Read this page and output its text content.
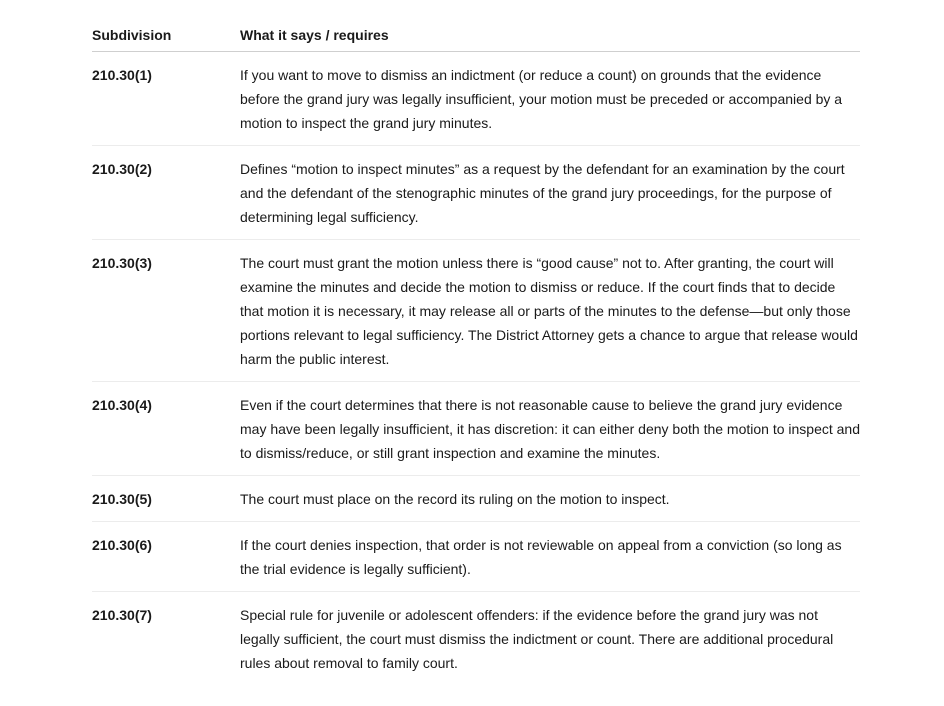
Subdivision	What it says / requires
210.30(1)	If you want to move to dismiss an indictment (or reduce a count) on grounds that the evidence before the grand jury was legally insufficient, your motion must be preceded or accompanied by a motion to inspect the grand jury minutes.
210.30(2)	Defines “motion to inspect minutes” as a request by the defendant for an examination by the court and the defendant of the stenographic minutes of the grand jury proceedings, for the purpose of determining legal sufficiency.
210.30(3)	The court must grant the motion unless there is “good cause” not to. After granting, the court will examine the minutes and decide the motion to dismiss or reduce. If the court finds that to decide that motion it is necessary, it may release all or parts of the minutes to the defense—but only those portions relevant to legal sufficiency. The District Attorney gets a chance to argue that release would harm the public interest.
210.30(4)	Even if the court determines that there is not reasonable cause to believe the grand jury evidence may have been legally insufficient, it has discretion: it can either deny both the motion to inspect and to dismiss/reduce, or still grant inspection and examine the minutes.
210.30(5)	The court must place on the record its ruling on the motion to inspect.
210.30(6)	If the court denies inspection, that order is not reviewable on appeal from a conviction (so long as the trial evidence is legally sufficient).
210.30(7)	Special rule for juvenile or adolescent offenders: if the evidence before the grand jury was not legally sufficient, the court must dismiss the indictment or count. There are additional procedural rules about removal to family court.
